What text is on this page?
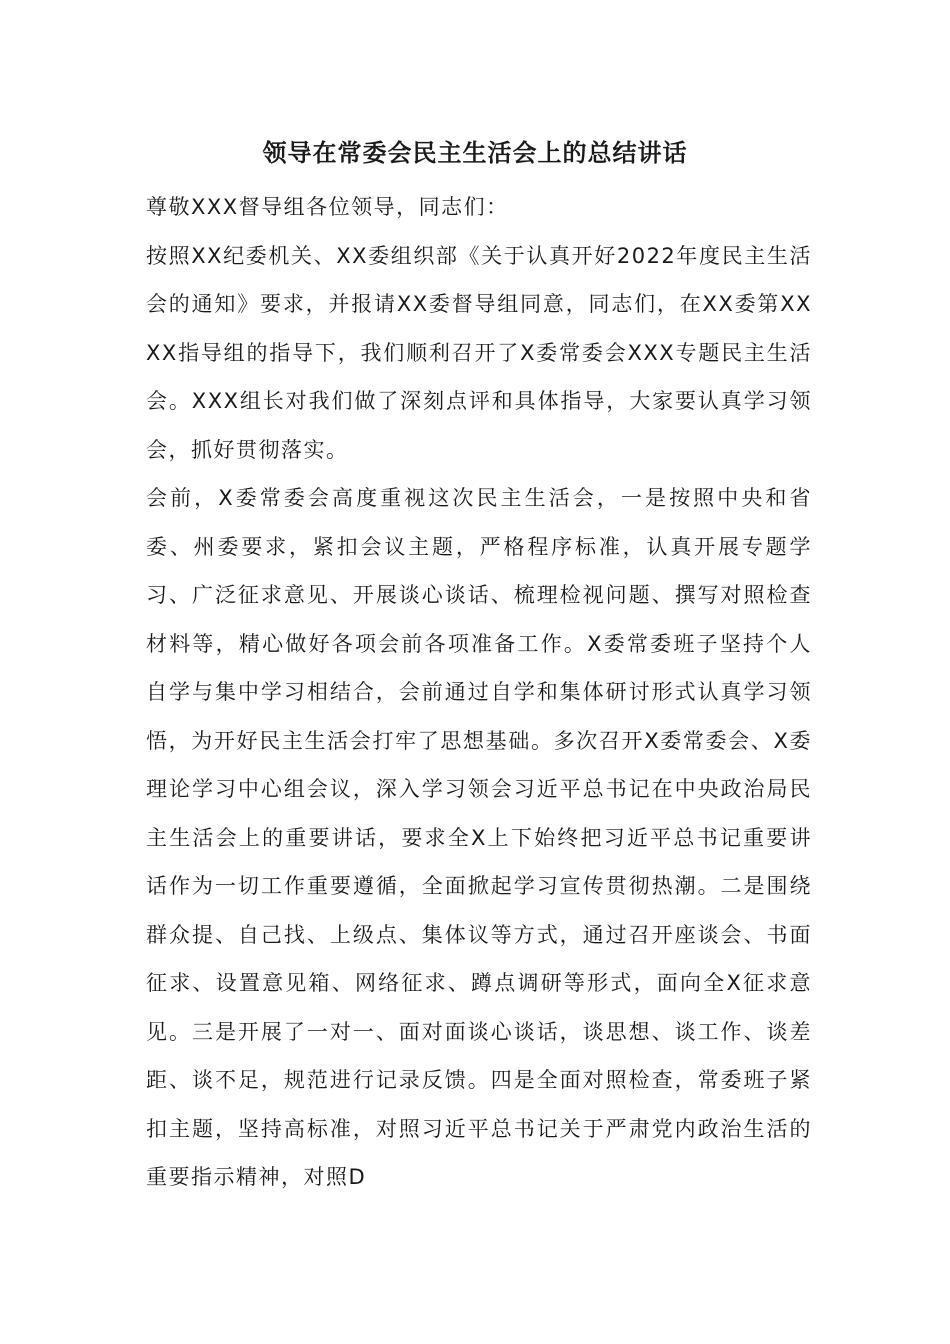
领导在常委会民主生活会上的总结讲话

尊敬XXX督导组各位领导，同志们：

按照XX纪委机关、XX委组织部《关于认真开好2022年度民主生活会的通知》要求，并报请XX委督导组同意，同志们，在XX委第XXXX指导组的指导下，我们顺利召开了X委常委会XXX专题民主生活会。XXX组长对我们做了深刻点评和具体指导，大家要认真学习领会，抓好贯彻落实。

会前，X委常委会高度重视这次民主生活会，一是按照中央和省委、州委要求，紧扣会议主题，严格程序标准，认真开展专题学习、广泛征求意见、开展谈心谈话、梳理检视问题、撰写对照检查材料等，精心做好各项会前各项准备工作。X委常委班子坚持个人自学与集中学习相结合，会前通过自学和集体研讨形式认真学习领悟，为开好民主生活会打牢了思想基础。多次召开X委常委会、X委理论学习中心组会议，深入学习领会习近平总书记在中央政治局民主生活会上的重要讲话，要求全X上下始终把习近平总书记重要讲话作为一切工作重要遵循，全面掀起学习宣传贯彻热潮。二是围绕群众提、自己找、上级点、集体议等方式，通过召开座谈会、书面征求、设置意见箱、网络征求、蹲点调研等形式，面向全X征求意见。三是开展了一对一、面对面谈心谈话，谈思想、谈工作、谈差距、谈不足，规范进行记录反馈。四是全面对照检查，常委班子紧扣主题，坚持高标准，对照习近平总书记关于严肃党内政治生活的重要指示精神，对照D
